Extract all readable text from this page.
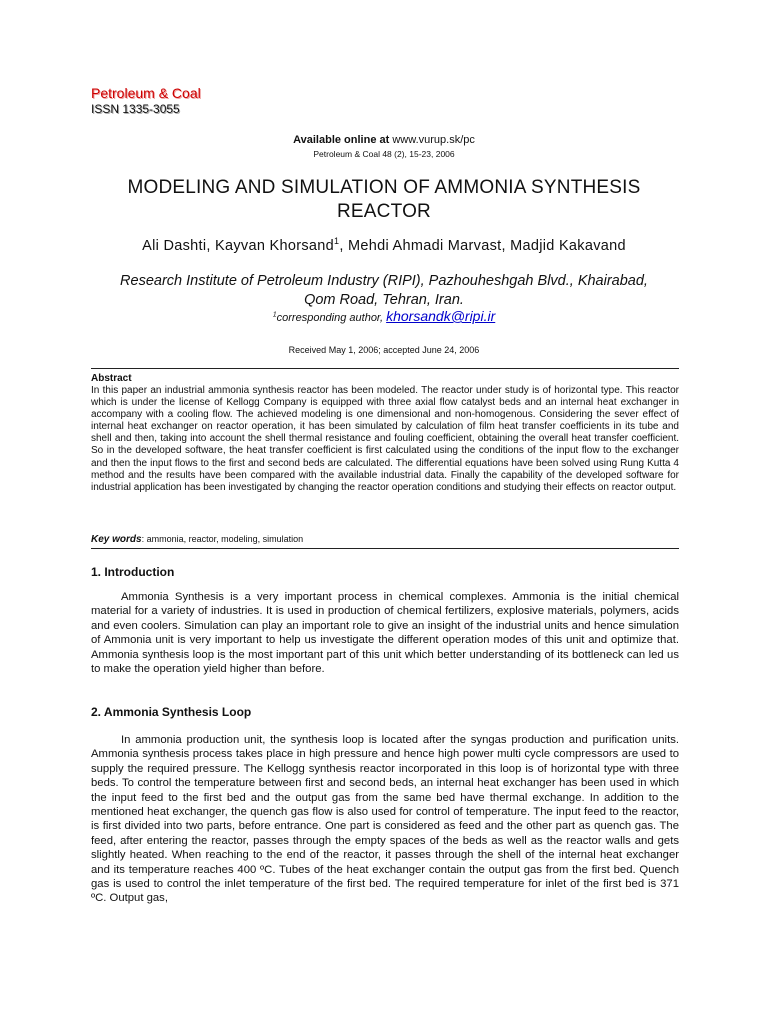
Petroleum & Coal
ISSN 1335-3055
Available online at www.vurup.sk/pc
Petroleum & Coal 48 (2), 15-23, 2006
MODELING AND SIMULATION OF AMMONIA SYNTHESIS REACTOR
Ali Dashti, Kayvan Khorsand$^1$, Mehdi Ahmadi Marvast, Madjid Kakavand
Research Institute of Petroleum Industry (RIPI), Pazhouheshgah Blvd., Khairabad, Qom Road, Tehran, Iran.
$^1$corresponding author, khorsandk@ripi.ir
Received May 1, 2006; accepted June 24, 2006
Abstract
In this paper an industrial ammonia synthesis reactor has been modeled. The reactor under study is of horizontal type. This reactor which is under the license of Kellogg Company is equipped with three axial flow catalyst beds and an internal heat exchanger in accompany with a cooling flow. The achieved modeling is one dimensional and non-homogenous. Considering the sever effect of internal heat exchanger on reactor operation, it has been simulated by calculation of film heat transfer coefficients in its tube and shell and then, taking into account the shell thermal resistance and fouling coefficient, obtaining the overall heat transfer coefficient. So in the developed software, the heat transfer coefficient is first calculated using the conditions of the input flow to the exchanger and then the input flows to the first and second beds are calculated. The differential equations have been solved using Rung Kutta 4 method and the results have been compared with the available industrial data. Finally the capability of the developed software for industrial application has been investigated by changing the reactor operation conditions and studying their effects on reactor output.
Key words: ammonia, reactor, modeling, simulation
1. Introduction
Ammonia Synthesis is a very important process in chemical complexes. Ammonia is the initial chemical material for a variety of industries. It is used in production of chemical fertilizers, explosive materials, polymers, acids and even coolers. Simulation can play an important role to give an insight of the industrial units and hence simulation of Ammonia unit is very important to help us investigate the different operation modes of this unit and optimize that. Ammonia synthesis loop is the most important part of this unit which better understanding of its bottleneck can led us to make the operation yield higher than before.
2. Ammonia Synthesis Loop
In ammonia production unit, the synthesis loop is located after the syngas production and purification units. Ammonia synthesis process takes place in high pressure and hence high power multi cycle compressors are used to supply the required pressure. The Kellogg synthesis reactor incorporated in this loop is of horizontal type with three beds. To control the temperature between first and second beds, an internal heat exchanger has been used in which the input feed to the first bed and the output gas from the same bed have thermal exchange. In addition to the mentioned heat exchanger, the quench gas flow is also used for control of temperature. The input feed to the reactor, is first divided into two parts, before entrance. One part is considered as feed and the other part as quench gas. The feed, after entering the reactor, passes through the empty spaces of the beds as well as the reactor walls and gets slightly heated. When reaching to the end of the reactor, it passes through the shell of the internal heat exchanger and its temperature reaches 400 ºC. Tubes of the heat exchanger contain the output gas from the first bed. Quench gas is used to control the inlet temperature of the first bed. The required temperature for inlet of the first bed is 371 ºC. Output gas,
